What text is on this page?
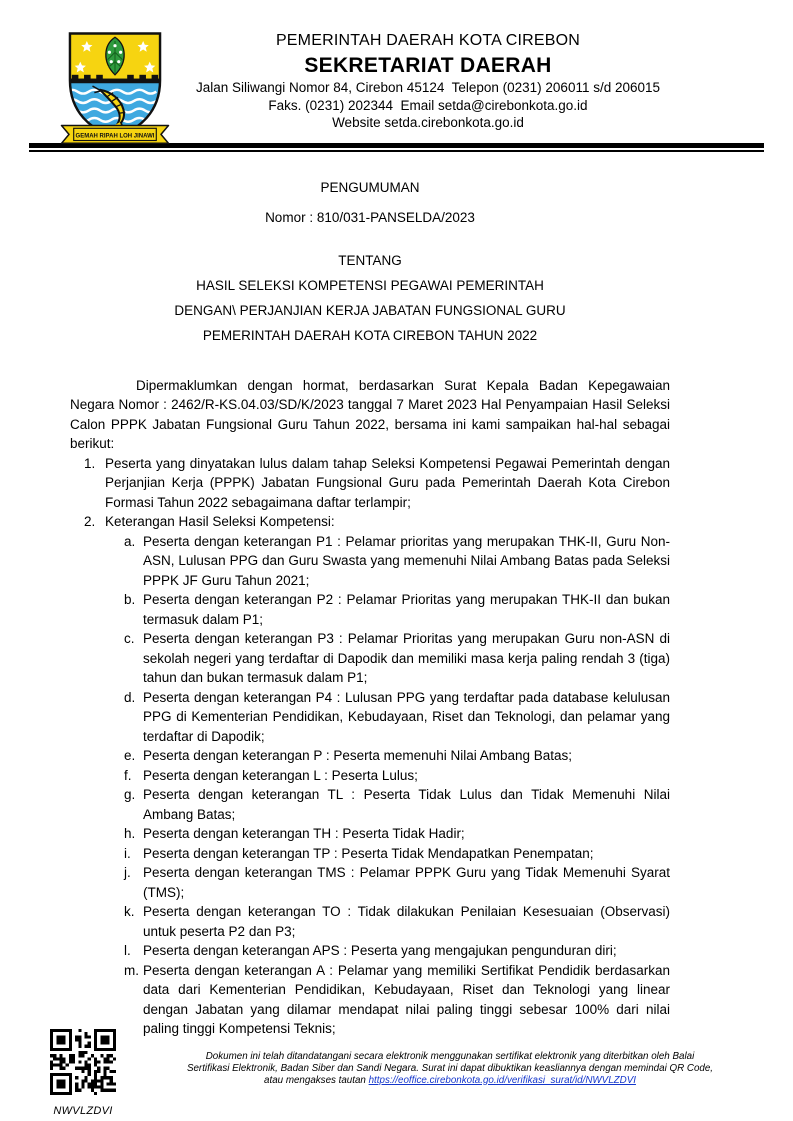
GEMAH RIPAH LOH JINAWI
PEMERINTAH DAERAH KOTA CIREBON
SEKRETARIAT DAERAH
Jalan Siliwangi Nomor 84, Cirebon 45124  Telepon (0231) 206011 s/d 206015
Faks. (0231) 202344  Email setda@cirebonkota.go.id
Website setda.cirebonkota.go.id
PENGUMUMAN
Nomor : 810/031-PANSELDA/2023
TENTANG
HASIL SELEKSI KOMPETENSI PEGAWAI PEMERINTAH
DENGAN\ PERJANJIAN KERJA JABATAN FUNGSIONAL GURU
PEMERINTAH DAERAH KOTA CIREBON TAHUN 2022

Dipermaklumkan dengan hormat, berdasarkan Surat Kepala Badan Kepegawaian Negara Nomor : 2462/R-KS.04.03/SD/K/2023 tanggal 7 Maret 2023 Hal Penyampaian Hasil Seleksi Calon PPPK Jabatan Fungsional Guru Tahun 2022, bersama ini kami sampaikan hal-hal sebagai berikut:

1. Peserta yang dinyatakan lulus dalam tahap Seleksi Kompetensi Pegawai Pemerintah dengan Perjanjian Kerja (PPPK) Jabatan Fungsional Guru pada Pemerintah Daerah Kota Cirebon Formasi Tahun 2022 sebagaimana daftar terlampir;
2. Keterangan Hasil Seleksi Kompetensi:
a. Peserta dengan keterangan P1 : Pelamar prioritas yang merupakan THK-II, Guru Non-ASN, Lulusan PPG dan Guru Swasta yang memenuhi Nilai Ambang Batas pada Seleksi PPPK JF Guru Tahun 2021;
b. Peserta dengan keterangan P2 : Pelamar Prioritas yang merupakan THK-II dan bukan termasuk dalam P1;
c. Peserta dengan keterangan P3 : Pelamar Prioritas yang merupakan Guru non-ASN di sekolah negeri yang terdaftar di Dapodik dan memiliki masa kerja paling rendah 3 (tiga) tahun dan bukan termasuk dalam P1;
d. Peserta dengan keterangan P4 : Lulusan PPG yang terdaftar pada database kelulusan PPG di Kementerian Pendidikan, Kebudayaan, Riset dan Teknologi, dan pelamar yang terdaftar di Dapodik;
e. Peserta dengan keterangan P : Peserta memenuhi Nilai Ambang Batas;
f. Peserta dengan keterangan L : Peserta Lulus;
g. Peserta dengan keterangan TL : Peserta Tidak Lulus dan Tidak Memenuhi Nilai Ambang Batas;
h. Peserta dengan keterangan TH : Peserta Tidak Hadir;
i. Peserta dengan keterangan TP : Peserta Tidak Mendapatkan Penempatan;
j. Peserta dengan keterangan TMS : Pelamar PPPK Guru yang Tidak Memenuhi Syarat (TMS);
k. Peserta dengan keterangan TO : Tidak dilakukan Penilaian Kesesuaian (Observasi) untuk peserta P2 dan P3;
l. Peserta dengan keterangan APS : Peserta yang mengajukan pengunduran diri;
m. Peserta dengan keterangan A : Pelamar yang memiliki Sertifikat Pendidik berdasarkan data dari Kementerian Pendidikan, Kebudayaan, Riset dan Teknologi yang linear dengan Jabatan yang dilamar mendapat nilai paling tinggi sebesar 100% dari nilai paling tinggi Kompetensi Teknis;
NWVLZDVI
Dokumen ini telah ditandatangani secara elektronik menggunakan sertifikat elektronik yang diterbitkan oleh Balai
Sertifikasi Elektronik, Badan Siber dan Sandi Negara. Surat ini dapat dibuktikan keasliannya dengan memindai QR Code,
atau mengakses tautan https://eoffice.cirebonkota.go.id/verifikasi_surat/id/NWVLZDVI
